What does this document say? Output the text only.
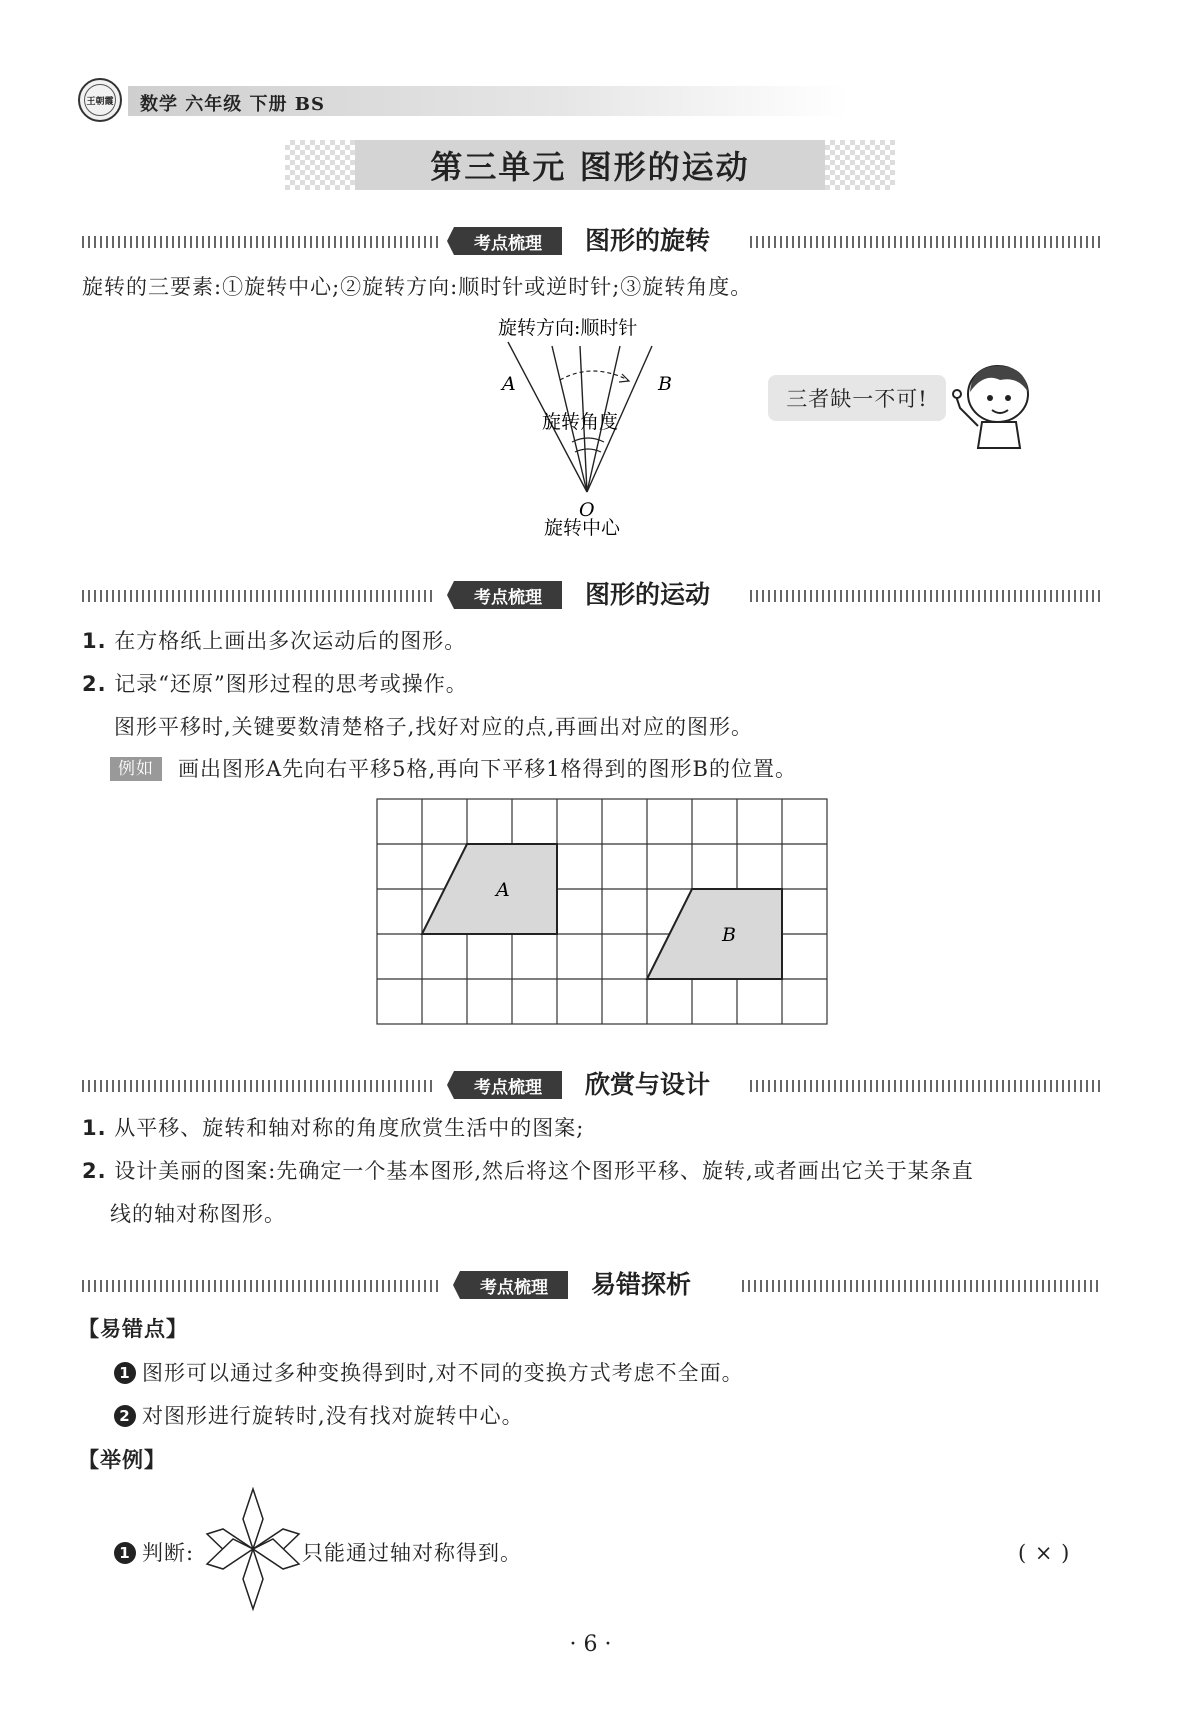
王朝霞 数学 六年级 下册 BS
第三单元 图形的运动
考点梳理	图形的旋转
旋转的三要素:①旋转中心;②旋转方向:顺时针或逆时针;③旋转角度。
旋转方向:顺时针
A	B
旋转角度
O
旋转中心
三者缺一不可!
考点梳理	图形的运动
1. 在方格纸上画出多次运动后的图形。
2. 记录“还原”图形过程的思考或操作。
图形平移时,关键要数清楚格子,找好对应的点,再画出对应的图形。
例如 画出图形A先向右平移5格,再向下平移1格得到的图形B的位置。
A
B
考点梳理	欣赏与设计
1. 从平移、旋转和轴对称的角度欣赏生活中的图案;
2. 设计美丽的图案:先确定一个基本图形,然后将这个图形平移、旋转,或者画出它关于某条直
线的轴对称图形。
考点梳理	易错探析
【易错点】
1 图形可以通过多种变换得到时,对不同的变换方式考虑不全面。
2 对图形进行旋转时,没有找对旋转中心。
【举例】
1 判断:	只能通过轴对称得到。	( × )
· 6 ·
